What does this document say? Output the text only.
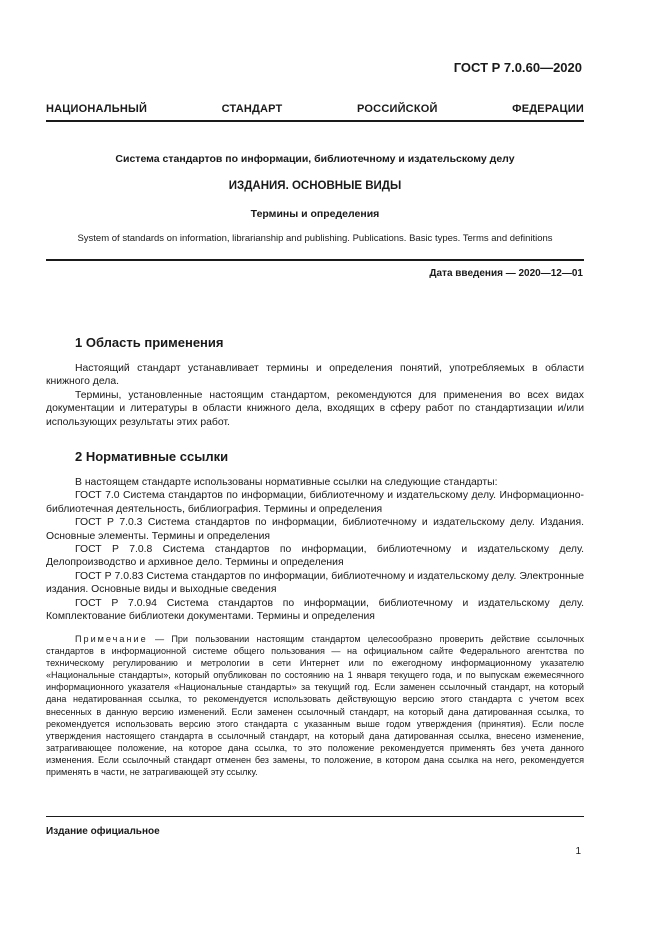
ГОСТ Р 7.0.60—2020
НАЦИОНАЛЬНЫЙ СТАНДАРТ РОССИЙСКОЙ ФЕДЕРАЦИИ
Система стандартов по информации, библиотечному и издательскому делу
ИЗДАНИЯ. ОСНОВНЫЕ ВИДЫ
Термины и определения
System of standards on information, librarianship and publishing. Publications. Basic types. Terms and definitions
Дата введения — 2020—12—01
1 Область применения

Настоящий стандарт устанавливает термины и определения понятий, употребляемых в области книжного дела.

Термины, установленные настоящим стандартом, рекомендуются для применения во всех видах документации и литературы в области книжного дела, входящих в сферу работ по стандартизации и/или использующих результаты этих работ.

2 Нормативные ссылки

В настоящем стандарте использованы нормативные ссылки на следующие стандарты:

ГОСТ 7.0 Система стандартов по информации, библиотечному и издательскому делу. Информационно-библиотечная деятельность, библиография. Термины и определения

ГОСТ Р 7.0.3 Система стандартов по информации, библиотечному и издательскому делу. Издания. Основные элементы. Термины и определения

ГОСТ Р 7.0.8 Система стандартов по информации, библиотечному и издательскому делу. Делопроизводство и архивное дело. Термины и определения

ГОСТ Р 7.0.83 Система стандартов по информации, библиотечному и издательскому делу. Электронные издания. Основные виды и выходные сведения

ГОСТ Р 7.0.94 Система стандартов по информации, библиотечному и издательскому делу. Комплектование библиотеки документами. Термины и определения

Примечание — При пользовании настоящим стандартом целесообразно проверить действие ссылочных стандартов в информационной системе общего пользования — на официальном сайте Федерального агентства по техническому регулированию и метрологии в сети Интернет или по ежегодному информационному указателю «Национальные стандарты», который опубликован по состоянию на 1 января текущего года, и по выпускам ежемесячного информационного указателя «Национальные стандарты» за текущий год. Если заменен ссылочный стандарт, на который дана недатированная ссылка, то рекомендуется использовать действующую версию этого стандарта с учетом всех внесенных в данную версию изменений. Если заменен ссылочный стандарт, на который дана датированная ссылка, то рекомендуется использовать версию этого стандарта с указанным выше годом утверждения (принятия). Если после утверждения настоящего стандарта в ссылочный стандарт, на который дана датированная ссылка, внесено изменение, затрагивающее положение, на которое дана ссылка, то это положение рекомендуется применять без учета данного изменения. Если ссылочный стандарт отменен без замены, то положение, в котором дана ссылка на него, рекомендуется применять в части, не затрагивающей эту ссылку.

Издание официальное
1
